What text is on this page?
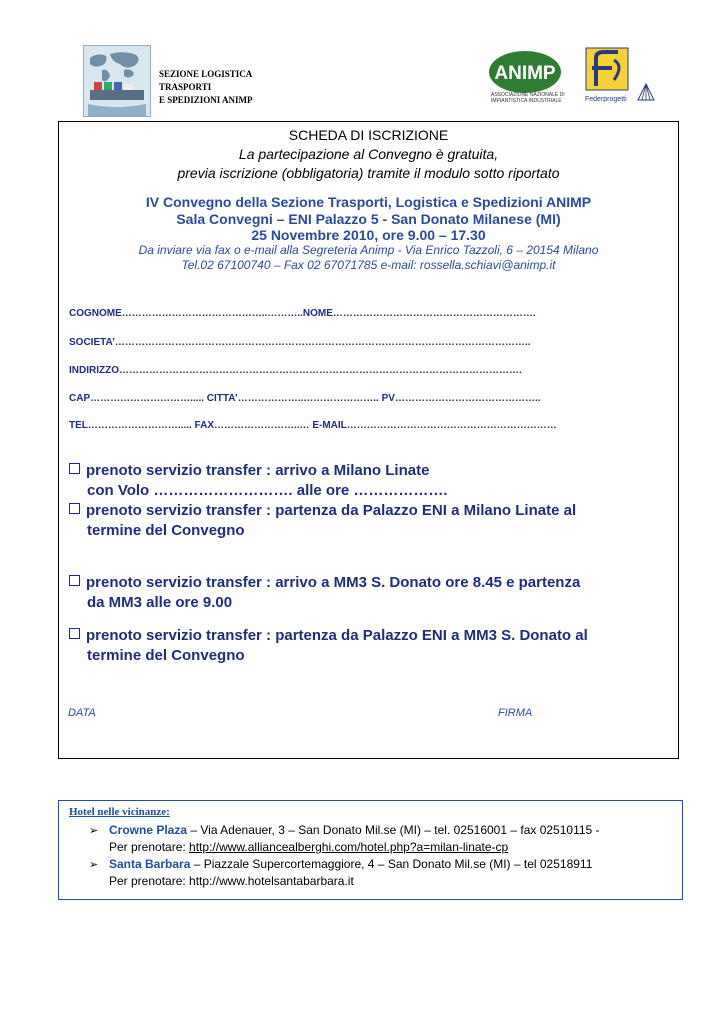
SEZIONE LOGISTICA
TRASPORTI
E SPEDIZIONI ANIMP
ANIMP
ASSOCIAZIONE NAZIONALE DI IMPIANTISTICA INDUSTRIALE	Federprogetti
SCHEDA DI ISCRIZIONE
La partecipazione al Convegno è gratuita,
previa iscrizione (obbligatoria) tramite il modulo sotto riportato
IV Convegno della Sezione Trasporti, Logistica e Spedizioni ANIMP
Sala Convegni – ENI Palazzo 5 - San Donato Milanese (MI)
25 Novembre 2010, ore 9.00 – 17.30
Da inviare via fax o e-mail alla Segreteria Animp - Via Enrico Tazzoli, 6 – 20154 Milano
Tel.02 67100740 – Fax 02 67071785 e-mail: rossella.schiavi@animp.it
COGNOME……………………………………..………..NOME…………………………………………………….
SOCIETA’……………………………………………………………………………………………………………..
INDIRIZZO………………………………………………………………………………………………………….
CAP…………………………..... CITTA’………………..………………….. PV……………………………………..
TEL………………………..... FAX……………………..… E-MAIL………………………………………………………
prenoto servizio transfer : arrivo a Milano Linate
con Volo ………………………. alle ore ……………….
prenoto servizio transfer : partenza da Palazzo ENI a Milano Linate al
termine del Convegno
prenoto servizio transfer : arrivo a MM3 S. Donato ore 8.45 e partenza
da MM3 alle ore 9.00
prenoto servizio transfer : partenza da Palazzo ENI a MM3 S. Donato al
termine del Convegno
DATA	FIRMA
Hotel nelle vicinanze:
➢ Crowne Plaza – Via Adenauer, 3 – San Donato Mil.se (MI) – tel. 02516001 – fax 02510115 -
Per prenotare: http://www.alliancealberghi.com/hotel.php?a=milan-linate-cp
➢ Santa Barbara – Piazzale Supercortemaggiore, 4 – San Donato Mil.se (MI) – tel 02518911
Per prenotare: http://www.hotelsantabarbara.it
